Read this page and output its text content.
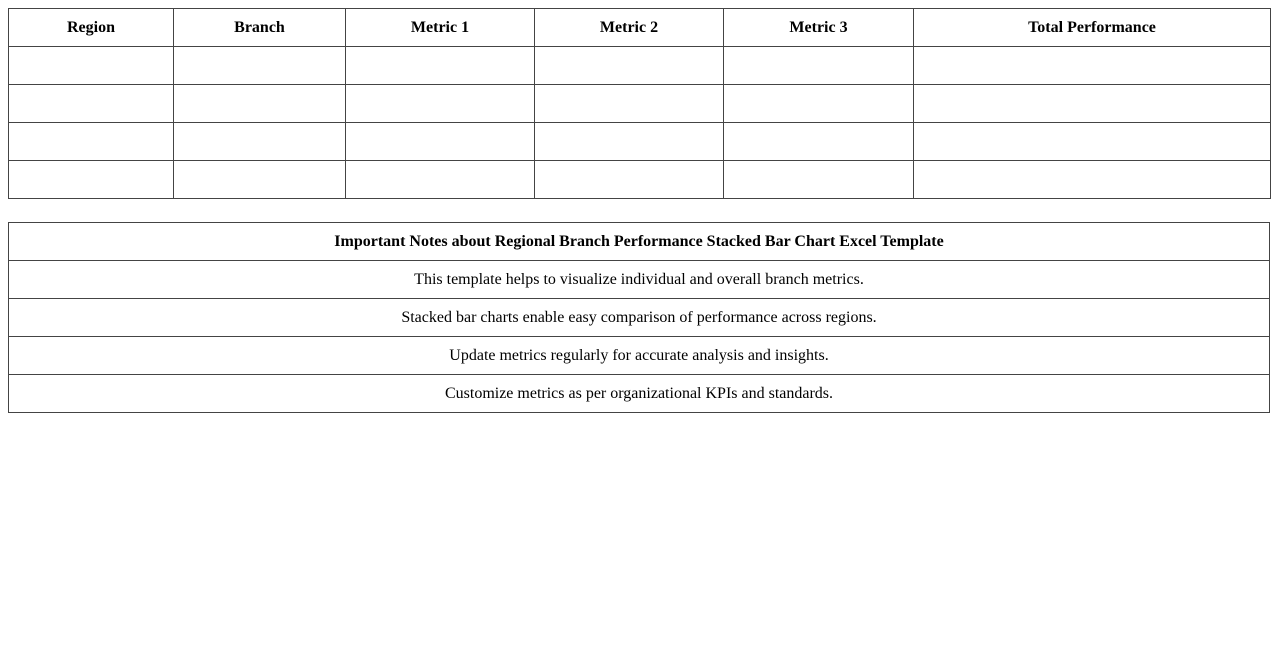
Region	Branch	Metric 1	Metric 2	Metric 3	Total Performance

Important Notes about Regional Branch Performance Stacked Bar Chart Excel Template
This template helps to visualize individual and overall branch metrics.
Stacked bar charts enable easy comparison of performance across regions.
Update metrics regularly for accurate analysis and insights.
Customize metrics as per organizational KPIs and standards.
